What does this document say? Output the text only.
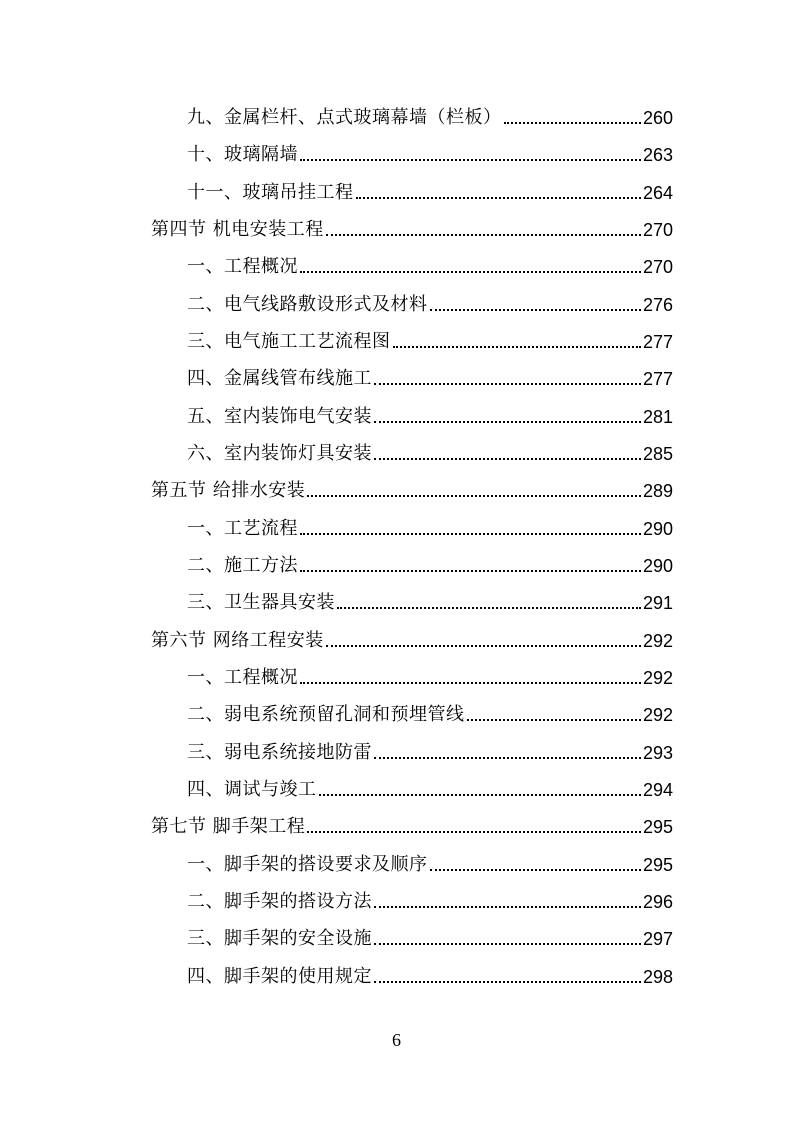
九、金属栏杆、点式玻璃幕墙（栏板）	260
十、玻璃隔墙	263
十一、玻璃吊挂工程	264
第四节 机电安装工程	270
一、工程概况	270
二、电气线路敷设形式及材料	276
三、电气施工工艺流程图	277
四、金属线管布线施工	277
五、室内装饰电气安装	281
六、室内装饰灯具安装	285
第五节 给排水安装	289
一、工艺流程	290
二、施工方法	290
三、卫生器具安装	291
第六节 网络工程安装	292
一、工程概况	292
二、弱电系统预留孔洞和预埋管线	292
三、弱电系统接地防雷	293
四、调试与竣工	294
第七节 脚手架工程	295
一、脚手架的搭设要求及顺序	295
二、脚手架的搭设方法	296
三、脚手架的安全设施	297
四、脚手架的使用规定	298
6
